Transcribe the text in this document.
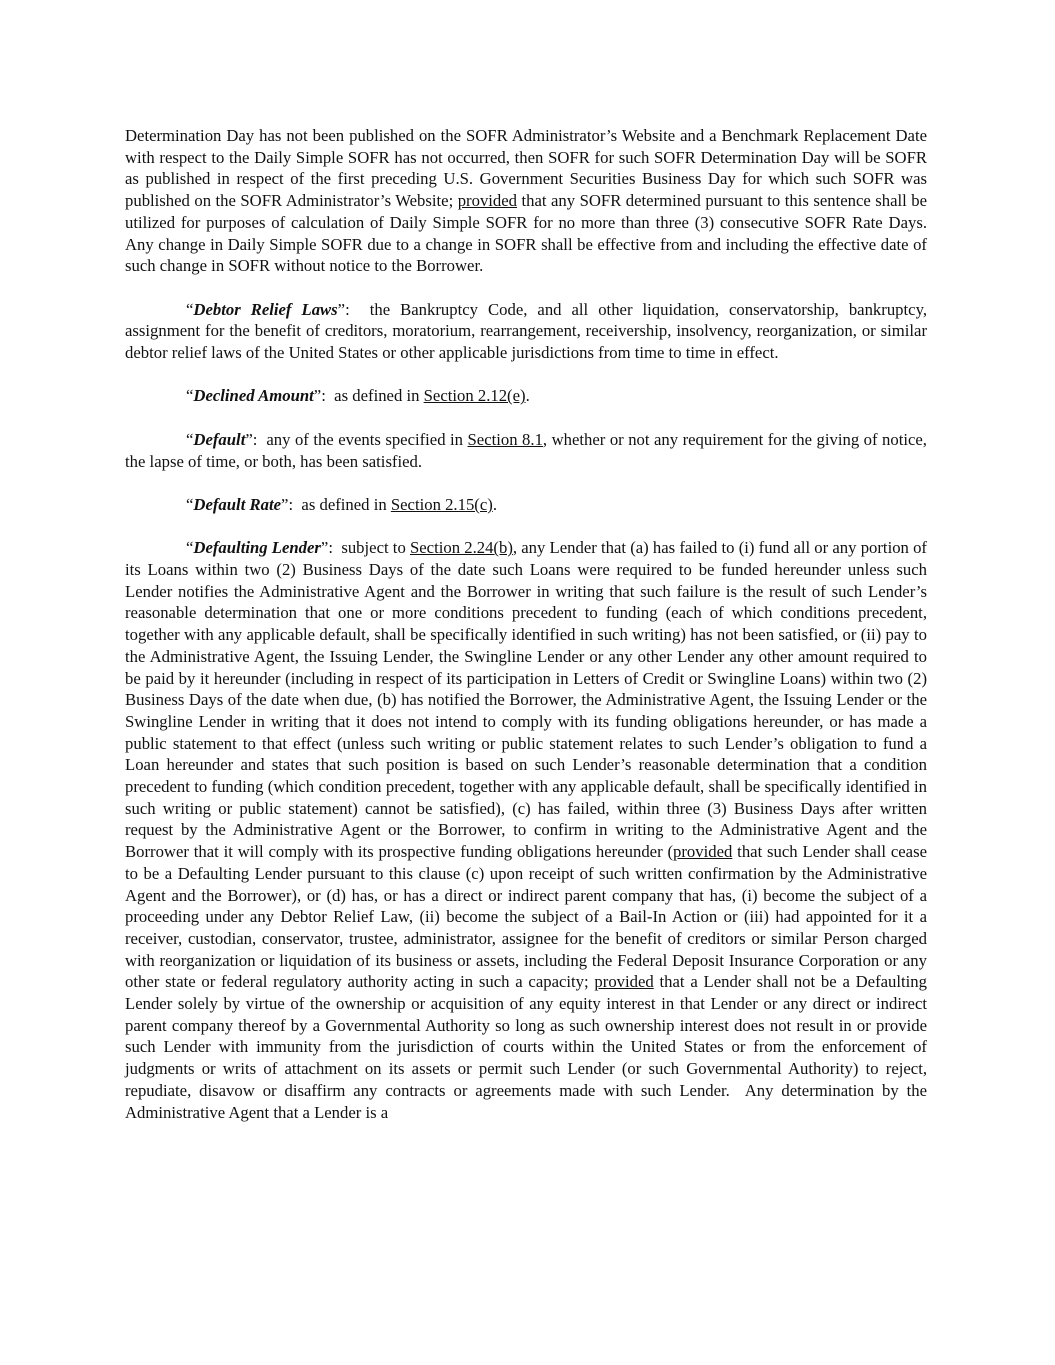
Determination Day has not been published on the SOFR Administrator’s Website and a Benchmark Replacement Date with respect to the Daily Simple SOFR has not occurred, then SOFR for such SOFR Determination Day will be SOFR as published in respect of the first preceding U.S. Government Securities Business Day for which such SOFR was published on the SOFR Administrator’s Website; provided that any SOFR determined pursuant to this sentence shall be utilized for purposes of calculation of Daily Simple SOFR for no more than three (3) consecutive SOFR Rate Days.  Any change in Daily Simple SOFR due to a change in SOFR shall be effective from and including the effective date of such change in SOFR without notice to the Borrower.

“Debtor Relief Laws”:  the Bankruptcy Code, and all other liquidation, conservatorship, bankruptcy, assignment for the benefit of creditors, moratorium, rearrangement, receivership, insolvency, reorganization, or similar debtor relief laws of the United States or other applicable jurisdictions from time to time in effect.

“Declined Amount”:  as defined in Section 2.12(e).

“Default”:  any of the events specified in Section 8.1, whether or not any requirement for the giving of notice, the lapse of time, or both, has been satisfied.

“Default Rate”:  as defined in Section 2.15(c).

“Defaulting Lender”:  subject to Section 2.24(b), any Lender that (a) has failed to (i) fund all or any portion of its Loans within two (2) Business Days of the date such Loans were required to be funded hereunder unless such Lender notifies the Administrative Agent and the Borrower in writing that such failure is the result of such Lender’s reasonable determination that one or more conditions precedent to funding (each of which conditions precedent, together with any applicable default, shall be specifically identified in such writing) has not been satisfied, or (ii) pay to the Administrative Agent, the Issuing Lender, the Swingline Lender or any other Lender any other amount required to be paid by it hereunder (including in respect of its participation in Letters of Credit or Swingline Loans) within two (2) Business Days of the date when due, (b) has notified the Borrower, the Administrative Agent, the Issuing Lender or the Swingline Lender in writing that it does not intend to comply with its funding obligations hereunder, or has made a public statement to that effect (unless such writing or public statement relates to such Lender’s obligation to fund a Loan hereunder and states that such position is based on such Lender’s reasonable determination that a condition precedent to funding (which condition precedent, together with any applicable default, shall be specifically identified in such writing or public statement) cannot be satisfied), (c) has failed, within three (3) Business Days after written request by the Administrative Agent or the Borrower, to confirm in writing to the Administrative Agent and the Borrower that it will comply with its prospective funding obligations hereunder (provided that such Lender shall cease to be a Defaulting Lender pursuant to this clause (c) upon receipt of such written confirmation by the Administrative Agent and the Borrower), or (d) has, or has a direct or indirect parent company that has, (i) become the subject of a proceeding under any Debtor Relief Law, (ii) become the subject of a Bail-In Action or (iii) had appointed for it a receiver, custodian, conservator, trustee, administrator, assignee for the benefit of creditors or similar Person charged with reorganization or liquidation of its business or assets, including the Federal Deposit Insurance Corporation or any other state or federal regulatory authority acting in such a capacity; provided that a Lender shall not be a Defaulting Lender solely by virtue of the ownership or acquisition of any equity interest in that Lender or any direct or indirect parent company thereof by a Governmental Authority so long as such ownership interest does not result in or provide such Lender with immunity from the jurisdiction of courts within the United States or from the enforcement of judgments or writs of attachment on its assets or permit such Lender (or such Governmental Authority) to reject, repudiate, disavow or disaffirm any contracts or agreements made with such Lender.  Any determination by the Administrative Agent that a Lender is a
